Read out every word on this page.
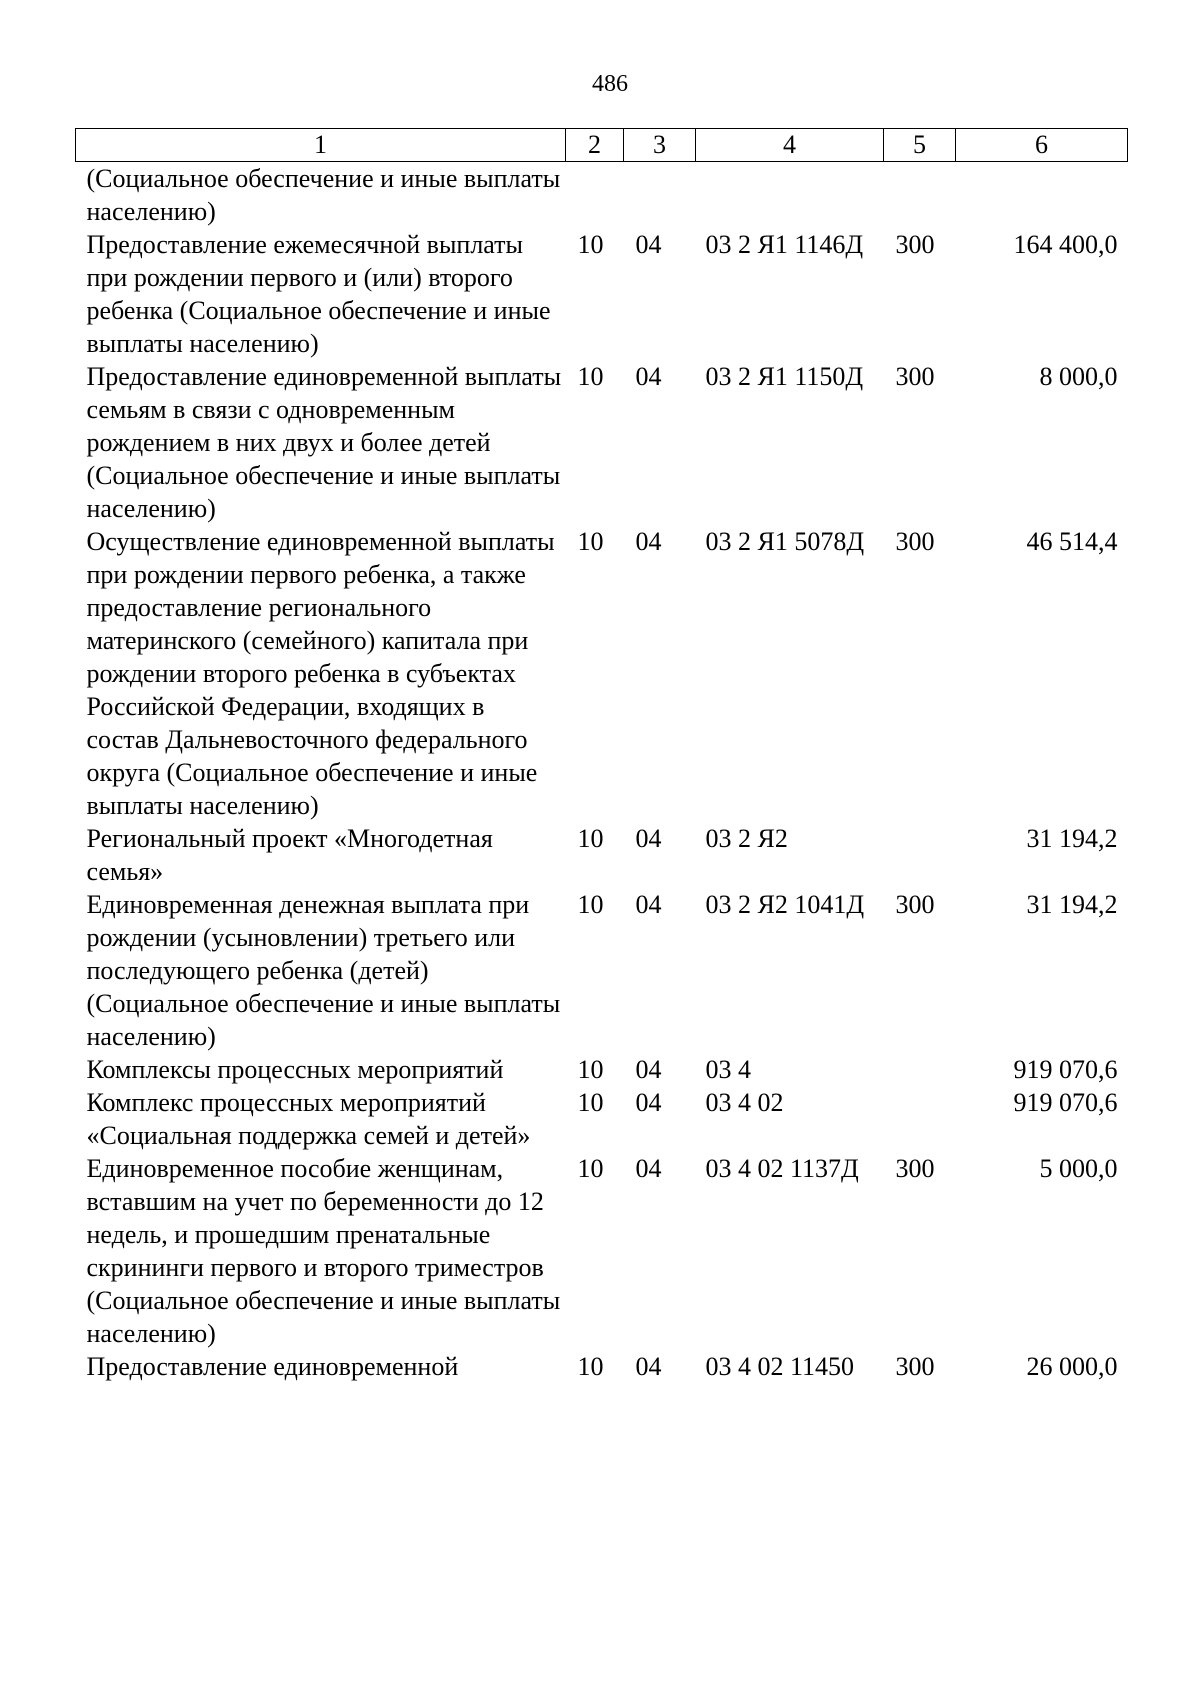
486
1	2	3	4	5	6
(Социальное обеспечение и иные выплаты населению)					
Предоставление ежемесячной выплаты при рождении первого и (или) второго ребенка (Социальное обеспечение и иные выплаты населению)	10	04	03 2 Я1 1146Д	300	164 400,0
Предоставление единовременной выплаты семьям в связи с одновременным рождением в них двух и более детей (Социальное обеспечение и иные выплаты населению)	10	04	03 2 Я1 1150Д	300	8 000,0
Осуществление единовременной выплаты при рождении первого ребенка, а также предоставление регионального материнского (семейного) капитала при рождении второго ребенка в субъектах Российской Федерации, входящих в состав Дальневосточного федерального округа (Социальное обеспечение и иные выплаты населению)	10	04	03 2 Я1 5078Д	300	46 514,4
Региональный проект «Многодетная семья»	10	04	03 2 Я2		31 194,2
Единовременная денежная выплата при рождении (усыновлении) третьего или последующего ребенка (детей) (Социальное обеспечение и иные выплаты населению)	10	04	03 2 Я2 1041Д	300	31 194,2
Комплексы процессных мероприятий	10	04	03 4		919 070,6
Комплекс процессных мероприятий «Социальная поддержка семей и детей»	10	04	03 4 02		919 070,6
Единовременное пособие женщинам, вставшим на учет по беременности до 12 недель, и прошедшим пренатальные скрининги первого и второго триместров (Социальное обеспечение и иные выплаты населению)	10	04	03 4 02 1137Д	300	5 000,0
Предоставление единовременной	10	04	03 4 02 11450	300	26 000,0
